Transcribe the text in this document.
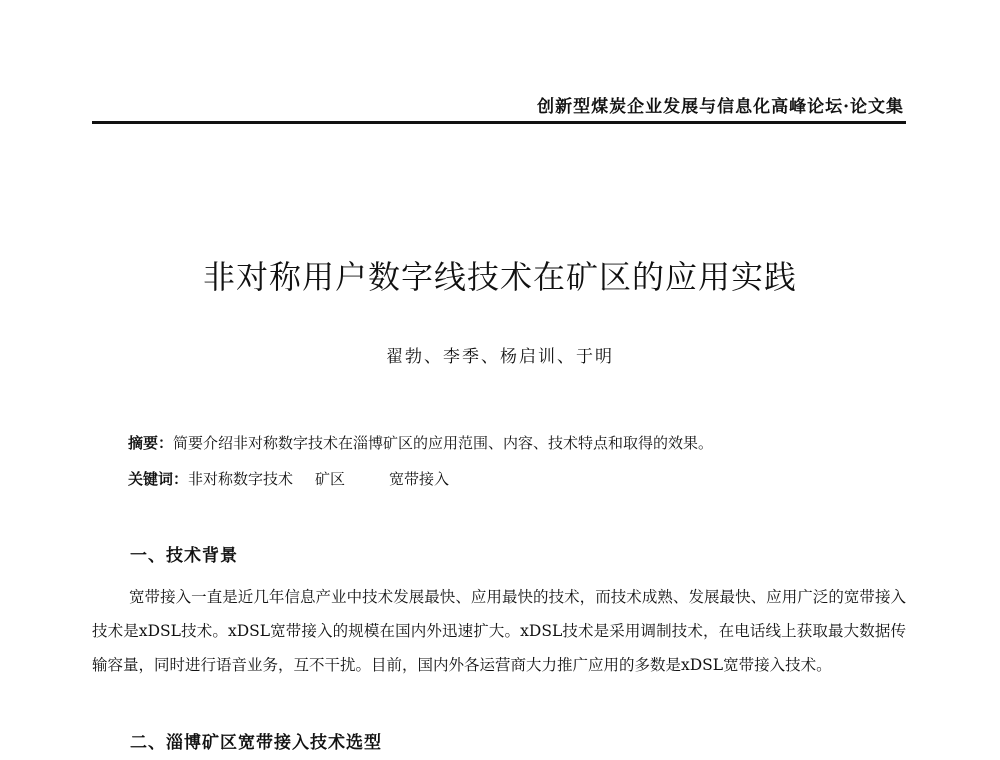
创新型煤炭企业发展与信息化高峰论坛·论文集
非对称用户数字线技术在矿区的应用实践
翟勃、李季、杨启训、于明
摘要：简要介绍非对称数字技术在淄博矿区的应用范围、内容、技术特点和取得的效果。
关键词：非对称数字技术 矿区	宽带接入
一、技术背景
宽带接入一直是近几年信息产业中技术发展最快、应用最快的技术，而技术成熟、发展最快、应用广泛的宽带接入技术是xDSL技术。xDSL宽带接入的规模在国内外迅速扩大。xDSL技术是采用调制技术，在电话线上获取最大数据传输容量，同时进行语音业务，互不干扰。目前，国内外各运营商大力推广应用的多数是xDSL宽带接入技术。
二、淄博矿区宽带接入技术选型
